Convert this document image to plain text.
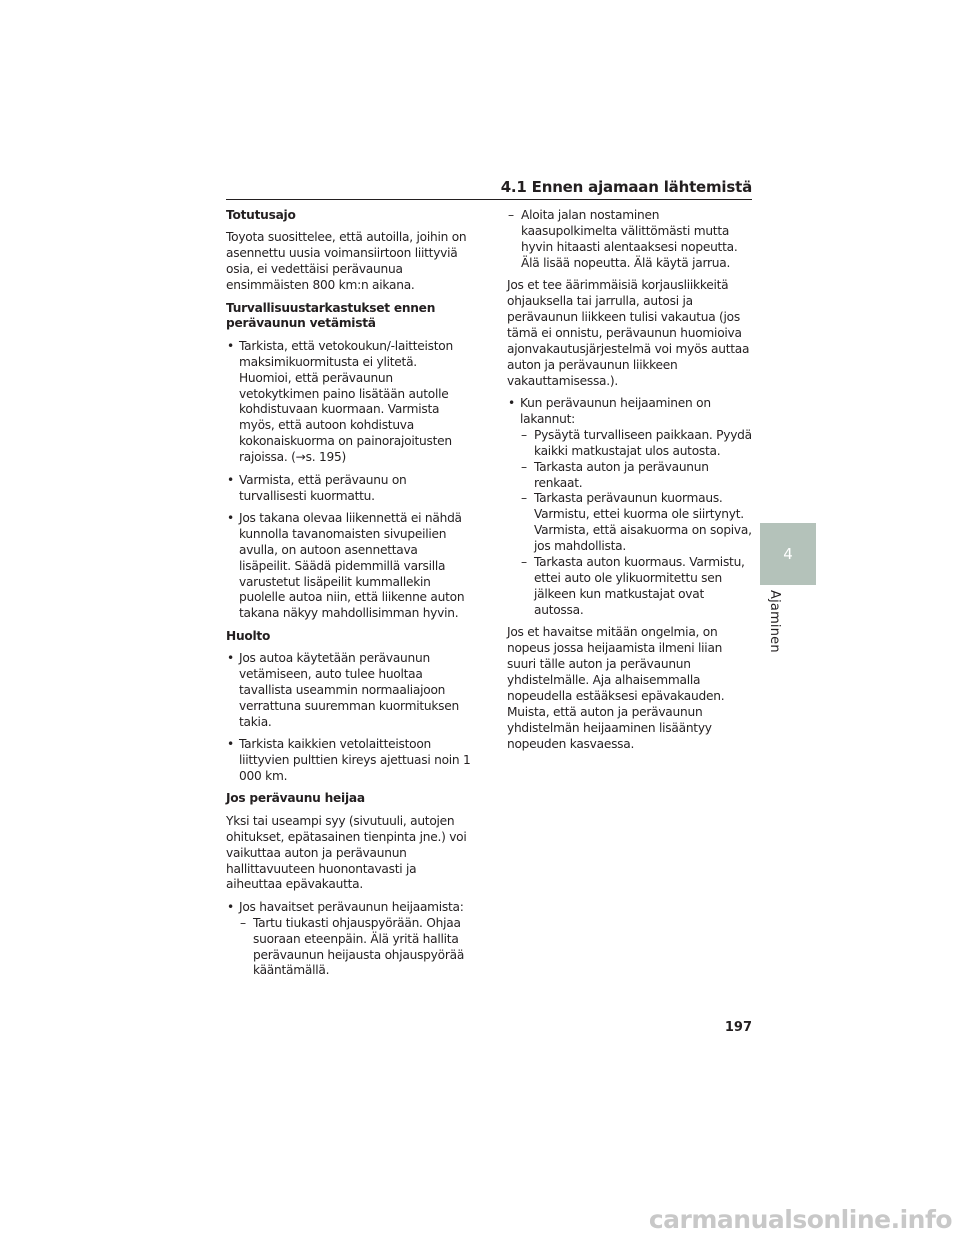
4.1 Ennen ajamaan lähtemistä

Totutusajo

Toyota suosittelee, että autoilla, joihin on asennettu uusia voimansiirtoon liittyviä osia, ei vedettäisi perävaunua ensimmäisten 800 km:n aikana.

Turvallisuustarkastukset ennen perävaunun vetämistä

• Tarkista, että vetokoukun/-laitteiston maksimikuormitusta ei ylitetä. Huomioi, että perävaunun vetokytkimen paino lisätään autolle kohdistuvaan kuormaan. Varmista myös, että autoon kohdistuva kokonaiskuorma on painorajoitusten rajoissa. (→s. 195)
• Varmista, että perävaunu on turvallisesti kuormattu.
• Jos takana olevaa liikennettä ei nähdä kunnolla tavanomaisten sivupeilien avulla, on autoon asennettava lisäpeilit. Säädä pidemmillä varsilla varustetut lisäpeilit kummallekin puolelle autoa niin, että liikenne auton takana näkyy mahdollisimman hyvin.

Huolto

• Jos autoa käytetään perävaunun vetämiseen, auto tulee huoltaa tavallista useammin normaaliajoon verrattuna suuremman kuormituksen takia.
• Tarkista kaikkien vetolaitteistoon liittyvien pulttien kireys ajettuasi noin 1 000 km.

Jos perävaunu heijaa

Yksi tai useampi syy (sivutuuli, autojen ohitukset, epätasainen tienpinta jne.) voi vaikuttaa auton ja perävaunun hallittavuuteen huonontavasti ja aiheuttaa epävakautta.

• Jos havaitset perävaunun heijaamista:
– Tartu tiukasti ohjauspyörään. Ohjaa suoraan eteenpäin. Älä yritä hallita perävaunun heijausta ohjauspyörää kääntämällä.
– Aloita jalan nostaminen kaasupolkimelta välittömästi mutta hyvin hitaasti alentaaksesi nopeutta. Älä lisää nopeutta. Älä käytä jarrua.

Jos et tee äärimmäisiä korjausliikkeitä ohjauksella tai jarrulla, autosi ja perävaunun liikkeen tulisi vakautua (jos tämä ei onnistu, perävaunun huomioiva ajonvakautusjärjestelmä voi myös auttaa auton ja perävaunun liikkeen vakauttamisessa.).

• Kun perävaunun heijaaminen on lakannut:
– Pysäytä turvalliseen paikkaan. Pyydä kaikki matkustajat ulos autosta.
– Tarkasta auton ja perävaunun renkaat.
– Tarkasta perävaunun kuormaus. Varmistu, ettei kuorma ole siirtynyt. Varmista, että aisakuorma on sopiva, jos mahdollista.
– Tarkasta auton kuormaus. Varmistu, ettei auto ole ylikuormitettu sen jälkeen kun matkustajat ovat autossa.

Jos et havaitse mitään ongelmia, on nopeus jossa heijaamista ilmeni liian suuri tälle auton ja perävaunun yhdistelmälle. Aja alhaisemmalla nopeudella estääksesi epävakauden. Muista, että auton ja perävaunun yhdistelmän heijaaminen lisääntyy nopeuden kasvaessa.

4
Ajaminen
197
carmanualsonline.info
